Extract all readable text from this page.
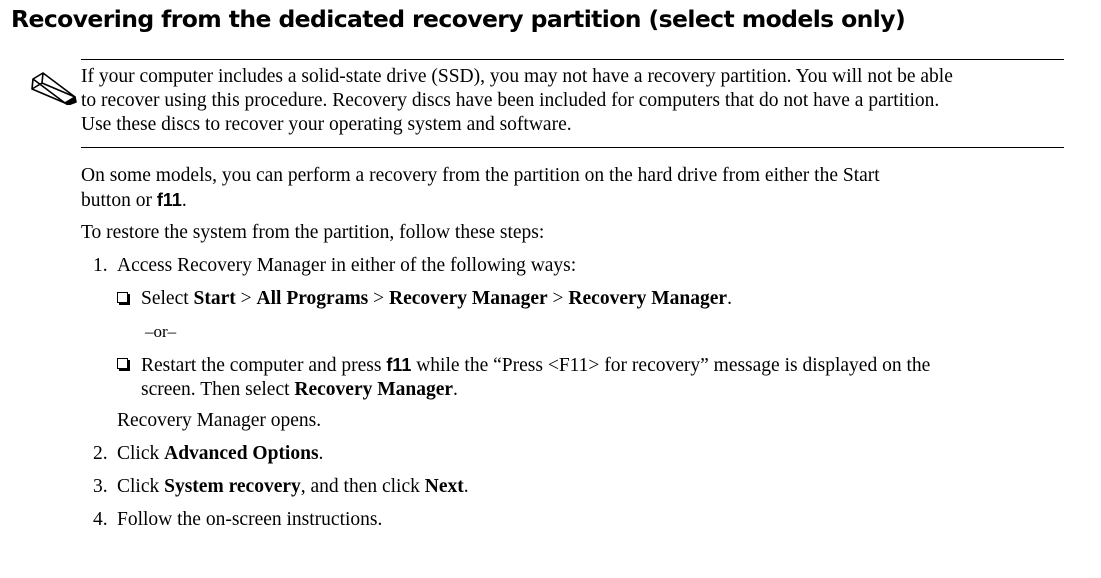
Recovering from the dedicated recovery partition (select models only)
If your computer includes a solid-state drive (SSD), you may not have a recovery partition. You will not be able
to recover using this procedure. Recovery discs have been included for computers that do not have a partition.
Use these discs to recover your operating system and software.
On some models, you can perform a recovery from the partition on the hard drive from either the Start
button or f11.
To restore the system from the partition, follow these steps:
1. Access Recovery Manager in either of the following ways:
Select Start > All Programs > Recovery Manager > Recovery Manager.
–or–
Restart the computer and press f11 while the “Press <F11> for recovery” message is displayed on the
screen. Then select Recovery Manager.
Recovery Manager opens.
2. Click Advanced Options.
3. Click System recovery, and then click Next.
4. Follow the on-screen instructions.
